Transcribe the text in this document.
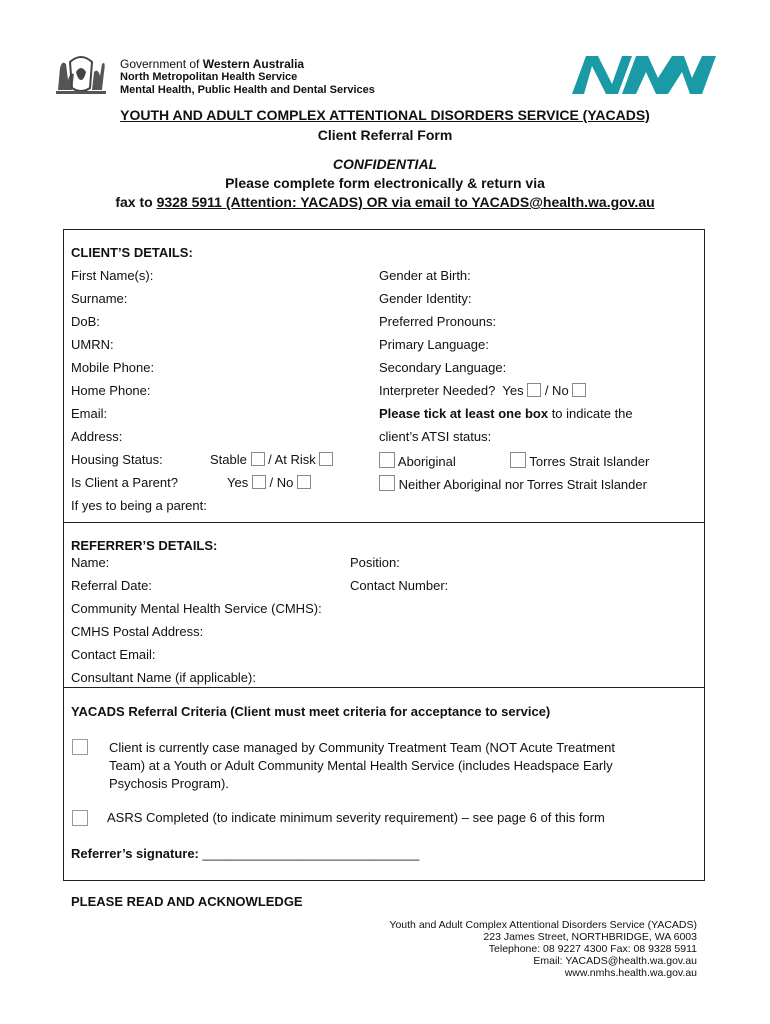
Government of Western Australia
North Metropolitan Health Service
Mental Health, Public Health and Dental Services
YOUTH AND ADULT COMPLEX ATTENTIONAL DISORDERS SERVICE (YACADS)
Client Referral Form
CONFIDENTIAL
Please complete form electronically & return via
fax to 9328 5911 (Attention: YACADS) OR via email to YACADS@health.wa.gov.au
CLIENT’S DETAILS:
First Name(s):
Surname:
DoB:
UMRN:
Mobile Phone:
Home Phone:
Email:
Address:
Housing Status:	Stable / At Risk
Is Client a Parent?	Yes / No
If yes to being a parent:
Gender at Birth:
Gender Identity:
Preferred Pronouns:
Primary Language:
Secondary Language:
Interpreter Needed? Yes / No
Please tick at least one box to indicate the
client’s ATSI status:
Aboriginal	Torres Strait Islander
Neither Aboriginal nor Torres Strait Islander
REFERRER’S DETAILS:
Name:	Position:
Referral Date:	Contact Number:
Community Mental Health Service (CMHS):
CMHS Postal Address:
Contact Email:
Consultant Name (if applicable):
YACADS Referral Criteria (Client must meet criteria for acceptance to service)
Client is currently case managed by Community Treatment Team (NOT Acute Treatment
Team) at a Youth or Adult Community Mental Health Service (includes Headspace Early
Psychosis Program).
ASRS Completed (to indicate minimum severity requirement) – see page 6 of this form
Referrer’s signature: ______________________________
PLEASE READ AND ACKNOWLEDGE
Youth and Adult Complex Attentional Disorders Service (YACADS)
223 James Street, NORTHBRIDGE, WA 6003
Telephone: 08 9227 4300 Fax: 08 9328 5911
Email: YACADS@health.wa.gov.au
www.nmhs.health.wa.gov.au
